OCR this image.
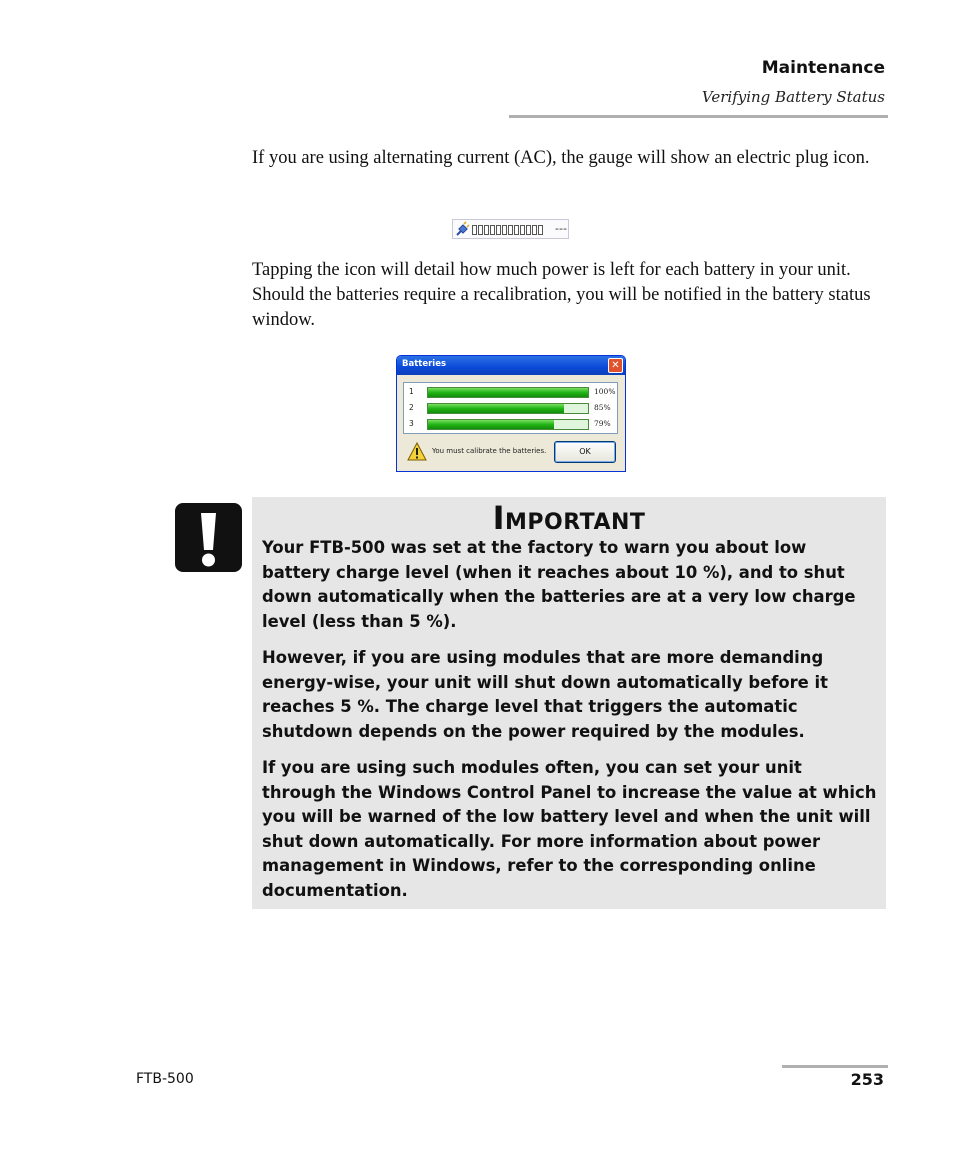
Maintenance
Verifying Battery Status

If you are using alternating current (AC), the gauge will show an electric plug icon.

---

Tapping the icon will detail how much power is left for each battery in your unit. Should the batteries require a recalibration, you will be notified in the battery status window.

Batteries	✕
1	100%
2	85%
3	79%
You must calibrate the batteries.	OK
Important

Your FTB-500 was set at the factory to warn you about low battery charge level (when it reaches about 10 %), and to shut down automatically when the batteries are at a very low charge level (less than 5 %).

However, if you are using modules that are more demanding energy-wise, your unit will shut down automatically before it reaches 5 %. The charge level that triggers the automatic shutdown depends on the power required by the modules.

If you are using such modules often, you can set your unit through the Windows Control Panel to increase the value at which you will be warned of the low battery level and when the unit will shut down automatically. For more information about power management in Windows, refer to the corresponding online documentation.

FTB-500	253
